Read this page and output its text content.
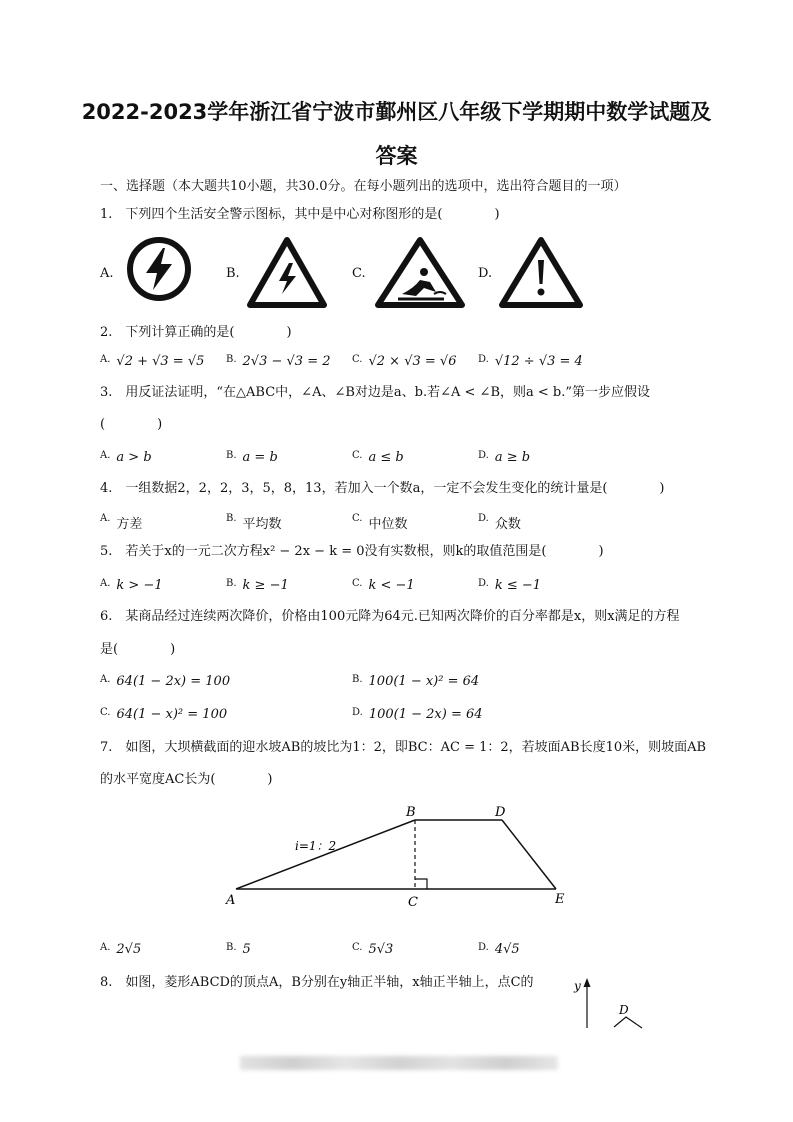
2022-2023学年浙江省宁波市鄞州区八年级下学期期中数学试题及
答案
一、选择题（本大题共10小题，共30.0分。在每小题列出的选项中，选出符合题目的一项）
1.　下列四个生活安全警示图标，其中是中心对称图形的是(　　　　)
A.	B.	C.	D.
2.　下列计算正确的是(　　　　)
$^{A.}$ √2 + √3 = √5 $^{B.}$ 2√3 − √3 = 2 $^{C.}$ √2 × √3 = √6 $^{D.}$ √12 ÷ √3 = 4
3.　用反证法证明，“在△ABC中，∠A、∠B对边是a、b.若∠A < ∠B，则a < b.”第一步应假设
(　　　　)
$^{A.}$ a > b	$^{B.}$ a = b	$^{C.}$ a ≤ b	$^{D.}$ a ≥ b
4.　一组数据2，2，2，3，5，8，13，若加入一个数a，一定不会发生变化的统计量是(　　　　)
$^{A.}$ 方差	$^{B.}$ 平均数	$^{C.}$ 中位数	$^{D.}$ 众数
5.　若关于x的一元二次方程x² − 2x − k = 0没有实数根，则k的取值范围是(　　　　)
$^{A.}$ k > −1	$^{B.}$ k ≥ −1	$^{C.}$ k < −1	$^{D.}$ k ≤ −1
6.　某商品经过连续两次降价，价格由100元降为64元.已知两次降价的百分率都是x，则x满足的方程
是(　　　　)
$^{A.}$ 64(1 − 2x) = 100	$^{B.}$ 100(1 − x)² = 64
$^{C.}$ 64(1 − x)² = 100	$^{D.}$ 100(1 − 2x) = 64
7.　如图，大坝横截面的迎水坡AB的坡比为1：2，即BC：AC = 1：2，若坡面AB长度10米，则坡面AB
的水平宽度AC长为(　　　　)
A
B
C
D
E
i=1：2
$^{A.}$ 2√5	$^{B.}$ 5	$^{C.}$ 5√3	$^{D.}$ 4√5
8.　如图，菱形ABCD的顶点A，B分别在y轴正半轴，x轴正半轴上，点C的	y
D
